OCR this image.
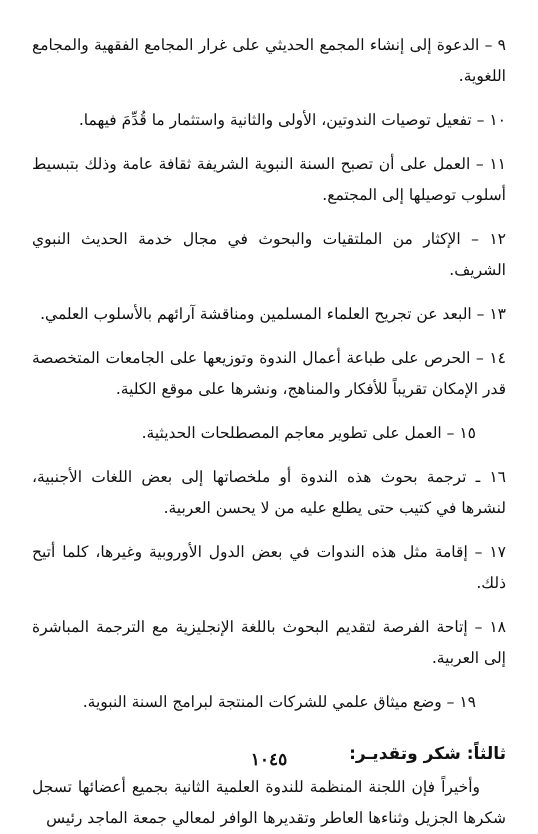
٩ – الدعوة إلى إنشاء المجمع الحديثي على غرار المجامع الفقهية والمجامع اللغوية.

١٠ – تفعيل توصيات الندوتين، الأولى والثانية واستثمار ما قُدِّمَ فيهما.

١١ – العمل على أن تصبح السنة النبوية الشريفة ثقافة عامة وذلك بتبسيط أسلوب توصيلها إلى المجتمع.

١٢ – الإكثار من الملتقيات والبحوث في مجال خدمة الحديث النبوي الشريف.

١٣ – البعد عن تجريح العلماء المسلمين ومناقشة آرائهم بالأسلوب العلمي.

١٤ – الحرص على طباعة أعمال الندوة وتوزيعها على الجامعات المتخصصة قدر الإمكان تقريباً للأفكار والمناهج، ونشرها على موقع الكلية.

١٥ – العمل على تطوير معاجم المصطلحات الحديثية.

١٦ ـ ترجمة بحوث هذه الندوة أو ملخصاتها إلى بعض اللغات الأجنبية، لنشرها في كتيب حتى يطلع عليه من لا يحسن العربية.

١٧ – إقامة مثل هذه الندوات في بعض الدول الأوروبية وغيرها، كلما أتيح ذلك.

١٨ – إتاحة الفرصة لتقديم البحوث باللغة الإنجليزية مع الترجمة المباشرة إلى العربية.

١٩ – وضع ميثاق علمي للشركات المنتجة لبرامج السنة النبوية.

ثالثاً: شكر وتقديـر:

وأخيراً فإن اللجنة المنظمة للندوة العلمية الثانية بجميع أعضائها تسجل شكرها الجزيل وثناءها العاطر وتقديرها الوافر لمعالي جمعة الماجد رئيس

١٠٤٥
